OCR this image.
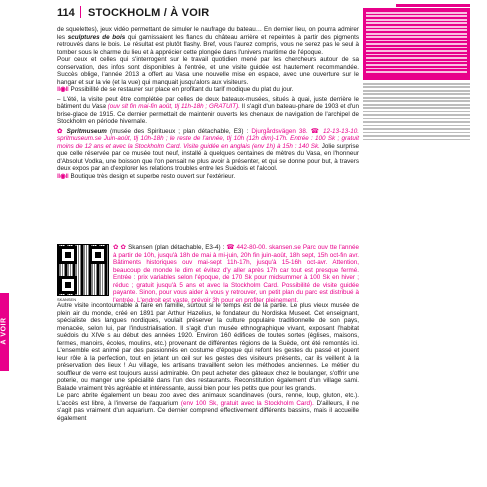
114 STOCKHOLM / À VOIR

de squelettes), jeux vidéo permettant de simuler le naufrage du bateau… En dernier lieu, on pourra admirer les sculptures de bois qui garnissaient les flancs du château arrière et repeintes à partir des pigments retrouvés dans le bois. Le résultat est plutôt flashy. Bref, vous l'aurez compris, vous ne serez pas le seul à tomber sous le charme du lieu et à apprécier cette plongée dans l'univers maritime de l'époque.

Pour ceux et celles qui s'interrogent sur le travail quotidien mené par les chercheurs autour de sa conservation, des infos sont disponibles à l'entrée, et une visite guidée est hautement recommandée. Succès oblige, l'année 2013 a offert au Vasa une nouvelle mise en espace, avec une ouverture sur le hangar et sur la vie (et la vue) qui manquait jusqu'alors aux visiteurs.

ǁ◉ǁ Possibilité de se restaurer sur place en profitant du tarif modique du plat du jour.

– L'été, la visite peut être complétée par celles de deux bateaux-musées, situés à quai, juste derrière le bâtiment du Vasa (ouv slt fin mai-fin août, tlj 11h-18h ; GRATUIT). Il s'agit d'un bateau-phare de 1903 et d'un brise-glace de 1915. Ce dernier permettait de maintenir ouverts les chenaux de navigation de l'archipel de Stockholm en période hivernale.

✿ Spritmuseum (musée des Spiritueux ; plan détachable, E3) : Djurgårdsvägen 38. ☎ 12-13-13-10. spritmuseum.se Juin-août, tlj 10h-18h ; le reste de l'année, tlj 10h (12h dim)-17h. Entrée : 100 Sk ; gratuit moins de 12 ans et avec la Stockholm Card. Visite guidée en anglais (env 1h) à 15h : 140 Sk. Jolie surprise que celle réservée par ce musée tout neuf, installé à quelques centaines de mètres du Vasa, en l'honneur d'Absolut Vodka, une boisson que l'on pensait ne plus avoir à présenter, et qui se donne pour but, à travers deux expos par an d'explorer les relations troubles entre les Suédois et l'alcool.

ǁ◉ǁ Boutique très design et superbe resto ouvert sur l'extérieur.

SKANSEN

✿ ✿ Skansen (plan détachable, E3-4) : ☎ 442-80-00. skansen.se Parc ouv tte l'année à partir de 10h, jusqu'à 18h de mai à mi-juin, 20h fin juin-août, 18h sept, 15h oct-fin avr. Bâtiments historiques ouv mai-sept 11h-17h, jusqu'à 15-16h oct-avr. Attention, beaucoup de monde le dim et évitez d'y aller après 17h car tout est presque fermé. Entrée : prix variables selon l'époque, de 170 Sk pour midsummer à 100 Sk en hiver ; réduc ; gratuit jusqu'à 5 ans et avec la Stockholm Card. Possibilité de visite guidée payante. Sinon, pour vous aider à vous y retrouver, un petit plan du parc est distribué à l'entrée. L'endroit est vaste, prévoir 3h pour en profiter pleinement.

Autre visite incontournable à faire en famille, surtout si le temps est de la partie. Le plus vieux musée de plein air du monde, créé en 1891 par Arthur Hazelius, le fondateur du Nordiska Museet. Cet enseignant, spécialiste des langues nordiques, voulait préserver la culture populaire traditionnelle de son pays, menacée, selon lui, par l'industrialisation. Il s'agit d'un musée ethnographique vivant, exposant l'habitat suédois du XIVe s au début des années 1920. Environ 160 édifices de toutes sortes (églises, maisons, fermes, manoirs, écoles, moulins, etc.) provenant de différentes régions de la Suède, ont été remontés ici. L'ensemble est animé par des passionnés en costume d'époque qui refont les gestes du passé et jouent leur rôle à la perfection, tout en jetant un œil sur les gestes des visiteurs présents, car ils veillent à la préservation des lieux ! Au village, les artisans travaillent selon les méthodes anciennes. Le métier du souffleur de verre est toujours aussi admirable. On peut acheter des gâteaux chez le boulanger, s'offrir une poterie, ou manger une spécialité dans l'un des restaurants. Reconstitution également d'un village sami. Balade vraiment très agréable et intéressante, aussi bien pour les petits que pour les grands.

Le parc abrite également un beau zoo avec des animaux scandinaves (ours, renne, loup, gluton, etc.). L'accès est libre, à l'inverse de l'aquarium (env 100 Sk, gratuit avec la Stockholm Card). D'ailleurs, il ne s'agit pas vraiment d'un aquarium. Ce dernier comprend effectivement différents bassins, mais il accueille également

À VOIR
